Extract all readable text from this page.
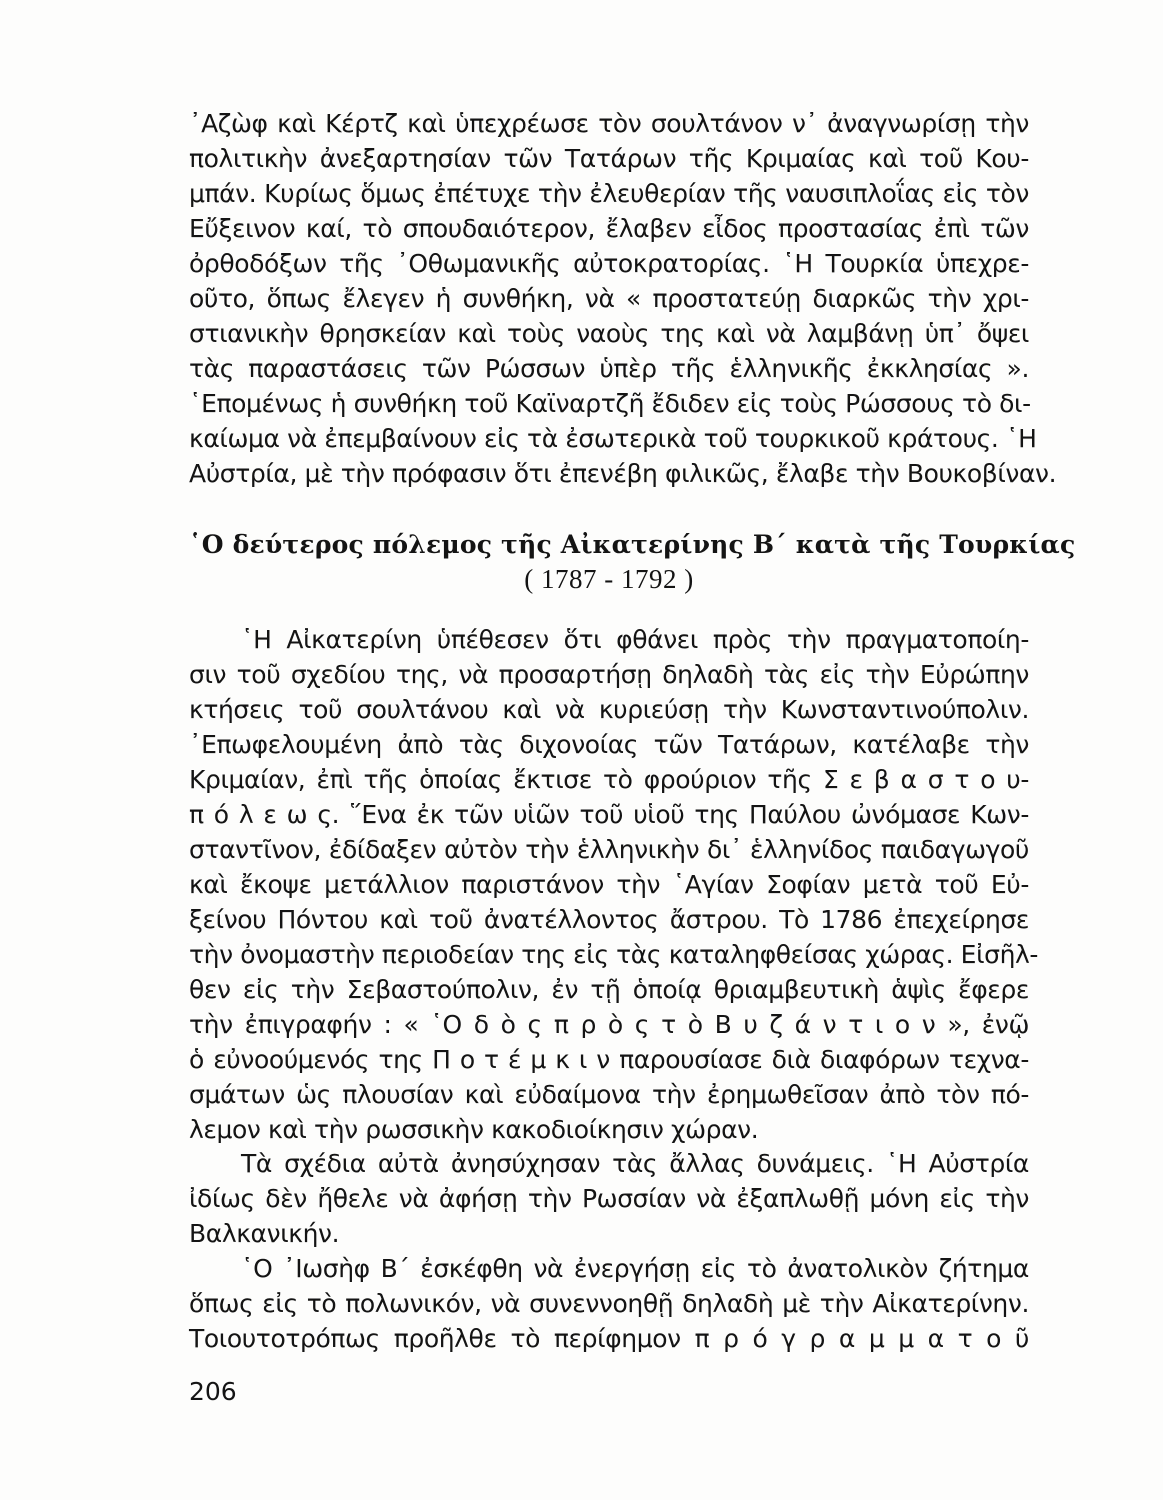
᾿Αζὼφ καὶ Κέρτζ καὶ ὑπεχρέωσε τὸν σουλτάνον ν᾿ ἀναγνωρίσῃ τὴν
πολιτικὴν ἀνεξαρτησίαν τῶν Τατάρων τῆς Κριμαίας καὶ τοῦ Κου-
μπάν. Κυρίως ὅμως ἐπέτυχε τὴν ἐλευθερίαν τῆς ναυσιπλοΐας εἰς τὸν
Εὔξεινον καί, τὸ σπουδαιότερον, ἔλαβεν εἶδος προστασίας ἐπὶ τῶν
ὀρθοδόξων τῆς ᾿Οθωμανικῆς αὐτοκρατορίας. ῾Η Τουρκία ὑπεχρε-
οῦτο, ὅπως ἔλεγεν ἡ συνθήκη, νὰ « προστατεύῃ διαρκῶς τὴν χρι-
στιανικὴν θρησκείαν καὶ τοὺς ναοὺς της καὶ νὰ λαμβάνῃ ὑπ᾿ ὄψει
τὰς παραστάσεις τῶν Ρώσσων ὑπὲρ τῆς ἑλληνικῆς ἐκκλησίας ».
῾Επομένως ἡ συνθήκη τοῦ Καϊναρτζῆ ἔδιδεν εἰς τοὺς Ρώσσους τὸ δι-
καίωμα νὰ ἐπεμβαίνουν εἰς τὰ ἐσωτερικὰ τοῦ τουρκικοῦ κράτους. ῾Η
Αὐστρία, μὲ τὴν πρόφασιν ὅτι ἐπενέβη φιλικῶς, ἔλαβε τὴν Βουκοβίναν.
῾Ο δεύτερος πόλεμος τῆς Αἰκατερίνης Β΄ κατὰ τῆς Τουρκίας
( 1787 - 1792 )
῾Η Αἰκατερίνη ὑπέθεσεν ὅτι φθάνει πρὸς τὴν πραγματοποίη-
σιν τοῦ σχεδίου της, νὰ προσαρτήσῃ δηλαδὴ τὰς εἰς τὴν Εὐρώπην
κτήσεις τοῦ σουλτάνου καὶ νὰ κυριεύσῃ τὴν Κωνσταντινούπολιν.
᾿Επωφελουμένη ἀπὸ τὰς διχονοίας τῶν Τατάρων, κατέλαβε τὴν
Κριμαίαν, ἐπὶ τῆς ὁποίας ἔκτισε τὸ φρούριον τῆς Σ ε β α σ τ ο υ-
π ό λ ε ω ς. ῞Ενα ἐκ τῶν υἱῶν τοῦ υἱοῦ της Παύλου ὠνόμασε Κων-
σταντῖνον, ἐδίδαξεν αὐτὸν τὴν ἑλληνικὴν δι᾿ ἑλληνίδος παιδαγωγοῦ
καὶ ἔκοψε μετάλλιον παριστάνον τὴν ῾Αγίαν Σοφίαν μετὰ τοῦ Εὐ-
ξείνου Πόντου καὶ τοῦ ἀνατέλλοντος ἄστρου. Τὸ 1786 ἐπεχείρησε
τὴν ὀνομαστὴν περιοδείαν της εἰς τὰς καταληφθείσας χώρας. Εἰσῆλ-
θεν εἰς τὴν Σεβαστούπολιν, ἐν τῇ ὁποίᾳ θριαμβευτικὴ ἁψὶς ἔφερε
τὴν ἐπιγραφήν : « ῾Ο δ ὸ ς π ρ ὸ ς τ ὸ Β υ ζ ά ν τ ι ο ν », ἐνῷ
ὁ εὐνοούμενός της Π ο τ έ μ κ ι ν παρουσίασε διὰ διαφόρων τεχνα-
σμάτων ὡς πλουσίαν καὶ εὐδαίμονα τὴν ἐρημωθεῖσαν ἀπὸ τὸν πό-
λεμον καὶ τὴν ρωσσικὴν κακοδιοίκησιν χώραν.
Τὰ σχέδια αὐτὰ ἀνησύχησαν τὰς ἄλλας δυνάμεις. ῾Η Αὐστρία
ἰδίως δὲν ἤθελε νὰ ἀφήσῃ τὴν Ρωσσίαν νὰ ἐξαπλωθῇ μόνη εἰς τὴν
Βαλκανικήν.
῾Ο ᾿Ιωσὴφ Β΄ ἐσκέφθη νὰ ἐνεργήσῃ εἰς τὸ ἀνατολικὸν ζήτημα
ὅπως εἰς τὸ πολωνικόν, νὰ συνεννοηθῇ δηλαδὴ μὲ τὴν Αἰκατερίνην.
Τοιουτοτρόπως προῆλθε τὸ περίφημον π ρ ό γ ρ α μ μ α τ ο ῦ
206
